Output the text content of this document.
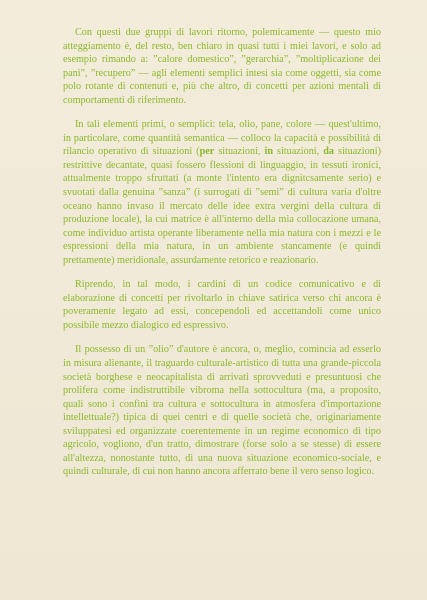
Con questi due gruppi di lavori ritorno, polemicamente — questo mio atteggiamento è, del resto, ben chiaro in quasi tutti i miei lavori, e solo ad esempio rimando a: ”calore domestico”, ”gerarchia”, ”moltiplicazione dei pani”, ”recupero” — agli elementi semplici intesi sia come oggetti, sia come polo rotante di contenuti e, più che altro, di concetti per azioni mentali di comportamenti di riferimento.

In tali elementi primi, o semplici: tela, olio, pane, colore — quest'ultimo, in particolare, come quantità semantica — colloco la capacità e possibilità di rilancio operativo di situazioni (per situazioni, in situazioni, da situazioni) restrittive decantate, quasi fossero flessioni di linguaggio, in tessuti ironici, attualmente troppo sfruttati (a monte l'intento era dignitcsamente serio) e svuotati dalla genuina ”sanza” (i surrogati di ”semi” di cultura varia d'oltre oceano hanno invaso il mercato delle idee extra vergini della cultura di produzione locale), la cui matrice è all'interno della mia collocazione umana, come individuo artista operante liberamente nella mia natura con i mezzi e le espressioni della mia natura, in un ambiente stancamente (e quindi prettamente) meridionale, assurdamente retorico e reazionario.

Riprendo, in tal modo, i cardini di un codice comunicativo e di elaborazione di concetti per rivoltarlo in chiave satirica verso chi ancora è poveramente legato ad essi, concependoli ed accettandoli come unico possibile mezzo dialogico ed espressivo.

Il possesso di un ”olio” d'autore è ancora, o, meglio, comincia ad esserlo in misura alienante, il traguardo culturale-artistico di tutta una grande-piccola società borghese e neocapitalista di arrivati sprovveduti e presuntuosi che prolifera come indistruttibile vibroma nella sottocultura (ma, a proposito, quali sono i confini tra cultura e sottocultura in atmosfera d'importazione intellettuale?) tipica di quei centri e di quelle società che, originariamente sviluppatesi ed organizzate coerentemente in un regime economico di tipo agricolo, vogliono, d'un tratto, dimostrare (forse solo a se stesse) di essere all'altezza, nonostante tutto, di una nuova situazione economico-sociale, e quindi culturale, di cui non hanno ancora afferrato bene il vero senso logico.
